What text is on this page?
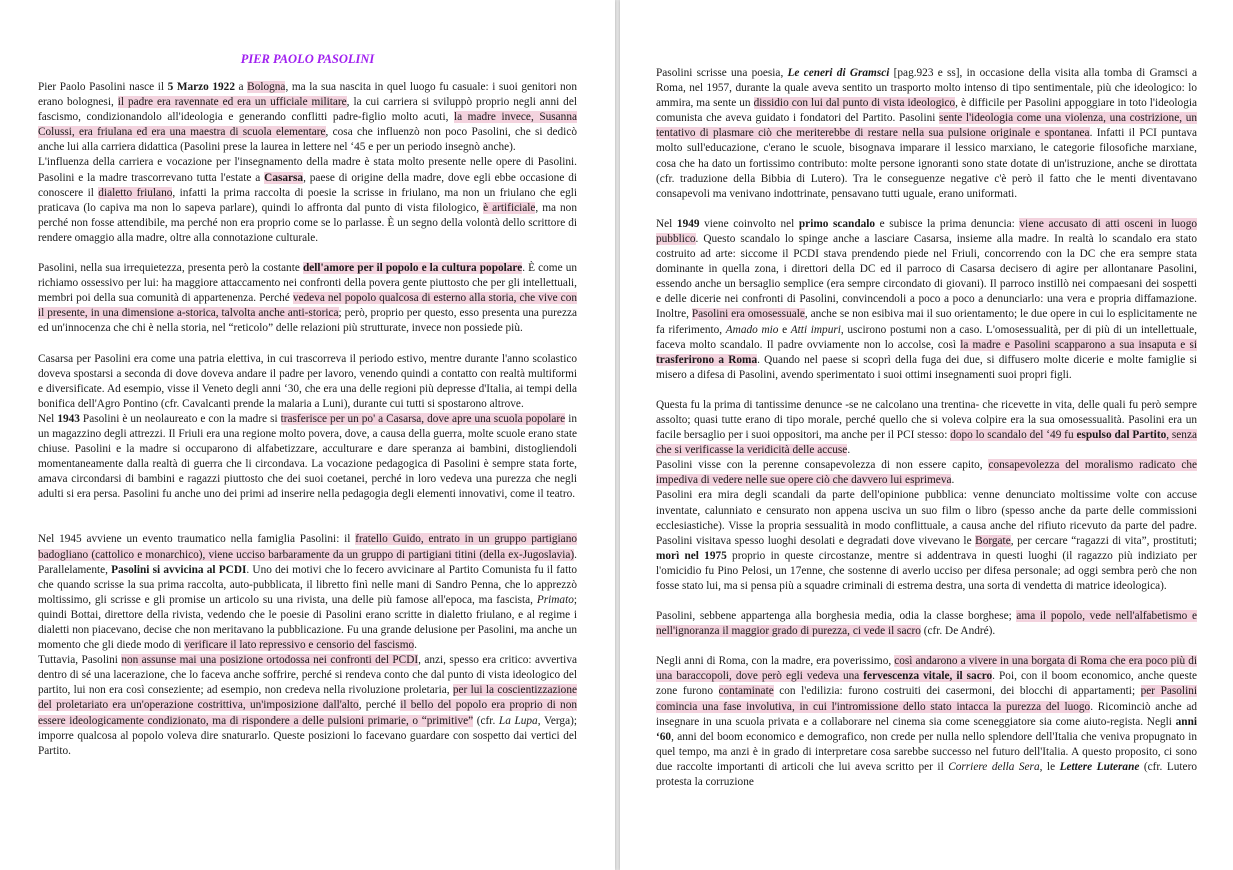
PIER PAOLO PASOLINI

Pier Paolo Pasolini nasce il 5 Marzo 1922 a Bologna, ma la sua nascita in quel luogo fu casuale: i suoi genitori non erano bolognesi, il padre era ravennate ed era un ufficiale militare, la cui carriera si sviluppò proprio negli anni del fascismo, condizionandolo all'ideologia e generando conflitti padre-figlio molto acuti, la madre invece, Susanna Colussi, era friulana ed era una maestra di scuola elementare, cosa che influenzò non poco Pasolini, che si dedicò anche lui alla carriera didattica (Pasolini prese la laurea in lettere nel ‘45 e per un periodo insegnò anche).

L'influenza della carriera e vocazione per l'insegnamento della madre è stata molto presente nelle opere di Pasolini. Pasolini e la madre trascorrevano tutta l'estate a Casarsa, paese di origine della madre, dove egli ebbe occasione di conoscere il dialetto friulano, infatti la prima raccolta di poesie la scrisse in friulano, ma non un friulano che egli praticava (lo capiva ma non lo sapeva parlare), quindi lo affronta dal punto di vista filologico, è artificiale, ma non perché non fosse attendibile, ma perché non era proprio come se lo parlasse. È un segno della volontà dello scrittore di rendere omaggio alla madre, oltre alla connotazione culturale.

Pasolini, nella sua irrequietezza, presenta però la costante dell'amore per il popolo e la cultura popolare. È come un richiamo ossessivo per lui: ha maggiore attaccamento nei confronti della povera gente piuttosto che per gli intellettuali, membri poi della sua comunità di appartenenza. Perché vedeva nel popolo qualcosa di esterno alla storia, che vive con il presente, in una dimensione a-storica, talvolta anche anti-storica; però, proprio per questo, esso presenta una purezza ed un'innocenza che chi è nella storia, nel “reticolo” delle relazioni più strutturate, invece non possiede più.

Casarsa per Pasolini era come una patria elettiva, in cui trascorreva il periodo estivo, mentre durante l'anno scolastico doveva spostarsi a seconda di dove doveva andare il padre per lavoro, venendo quindi a contatto con realtà multiformi e diversificate. Ad esempio, visse il Veneto degli anni ‘30, che era una delle regioni più depresse d'Italia, ai tempi della bonifica dell'Agro Pontino (cfr. Cavalcanti prende la malaria a Luni), durante cui tutti si spostarono altrove.

Nel 1943 Pasolini è un neolaureato e con la madre si trasferisce per un po' a Casarsa, dove apre una scuola popolare in un magazzino degli attrezzi. Il Friuli era una regione molto povera, dove, a causa della guerra, molte scuole erano state chiuse. Pasolini e la madre si occuparono di alfabetizzare, acculturare e dare speranza ai bambini, distogliendoli momentaneamente dalla realtà di guerra che li circondava. La vocazione pedagogica di Pasolini è sempre stata forte, amava circondarsi di bambini e ragazzi piuttosto che dei suoi coetanei, perché in loro vedeva una purezza che negli adulti si era persa. Pasolini fu anche uno dei primi ad inserire nella pedagogia degli elementi innovativi, come il teatro.

Nel 1945 avviene un evento traumatico nella famiglia Pasolini: il fratello Guido, entrato in un gruppo partigiano badogliano (cattolico e monarchico), viene ucciso barbaramente da un gruppo di partigiani titini (della ex-Jugoslavia). Parallelamente, Pasolini si avvicina al PCDI. Uno dei motivi che lo fecero avvicinare al Partito Comunista fu il fatto che quando scrisse la sua prima raccolta, auto-pubblicata, il libretto finì nelle mani di Sandro Penna, che lo apprezzò moltissimo, gli scrisse e gli promise un articolo su una rivista, una delle più famose all'epoca, ma fascista, Primato; quindi Bottai, direttore della rivista, vedendo che le poesie di Pasolini erano scritte in dialetto friulano, e al regime i dialetti non piacevano, decise che non meritavano la pubblicazione. Fu una grande delusione per Pasolini, ma anche un momento che gli diede modo di verificare il lato repressivo e censorio del fascismo.

Tuttavia, Pasolini non assunse mai una posizione ortodossa nei confronti del PCDI, anzi, spesso era critico: avvertiva dentro di sé una lacerazione, che lo faceva anche soffrire, perché si rendeva conto che dal punto di vista ideologico del partito, lui non era così conseziente; ad esempio, non credeva nella rivoluzione proletaria, per lui la coscientizzazione del proletariato era un'operazione costrittiva, un'imposizione dall'alto, perché il bello del popolo era proprio di non essere ideologicamente condizionato, ma di rispondere a delle pulsioni primarie, o “primitive” (cfr. La Lupa, Verga); imporre qualcosa al popolo voleva dire snaturarlo. Queste posizioni lo facevano guardare con sospetto dai vertici del Partito.

Pasolini scrisse una poesia, Le ceneri di Gramsci [pag.923 e ss], in occasione della visita alla tomba di Gramsci a Roma, nel 1957, durante la quale aveva sentito un trasporto molto intenso di tipo sentimentale, più che ideologico: lo ammira, ma sente un dissidio con lui dal punto di vista ideologico, è difficile per Pasolini appoggiare in toto l'ideologia comunista che aveva guidato i fondatori del Partito. Pasolini sente l'ideologia come una violenza, una costrizione, un tentativo di plasmare ciò che meriterebbe di restare nella sua pulsione originale e spontanea. Infatti il PCI puntava molto sull'educazione, c'erano le scuole, bisognava imparare il lessico marxiano, le categorie filosofiche marxiane, cosa che ha dato un fortissimo contributo: molte persone ignoranti sono state dotate di un'istruzione, anche se dirottata (cfr. traduzione della Bibbia di Lutero). Tra le conseguenze negative c'è però il fatto che le menti diventavano consapevoli ma venivano indottrinate, pensavano tutti uguale, erano uniformati.

Nel 1949 viene coinvolto nel primo scandalo e subisce la prima denuncia: viene accusato di atti osceni in luogo pubblico. Questo scandalo lo spinge anche a lasciare Casarsa, insieme alla madre. In realtà lo scandalo era stato costruito ad arte: siccome il PCDI stava prendendo piede nel Friuli, concorrendo con la DC che era sempre stata dominante in quella zona, i direttori della DC ed il parroco di Casarsa decisero di agire per allontanare Pasolini, essendo anche un bersaglio semplice (era sempre circondato di giovani). Il parroco instillò nei compaesani dei sospetti e delle dicerie nei confronti di Pasolini, convincendoli a poco a poco a denunciarlo: una vera e propria diffamazione. Inoltre, Pasolini era omosessuale, anche se non esibiva mai il suo orientamento; le due opere in cui lo esplicitamente ne fa riferimento, Amado mio e Atti impuri, uscirono postumi non a caso. L'omosessualità, per di più di un intellettuale, faceva molto scandalo. Il padre ovviamente non lo accolse, così la madre e Pasolini scapparono a sua insaputa e si trasferirono a Roma. Quando nel paese si scoprì della fuga dei due, si diffusero molte dicerie e molte famiglie si misero a difesa di Pasolini, avendo sperimentato i suoi ottimi insegnamenti suoi propri figli.

Questa fu la prima di tantissime denunce -se ne calcolano una trentina- che ricevette in vita, delle quali fu però sempre assolto; quasi tutte erano di tipo morale, perché quello che si voleva colpire era la sua omosessualità. Pasolini era un facile bersaglio per i suoi oppositori, ma anche per il PCI stesso: dopo lo scandalo del ‘49 fu espulso dal Partito, senza che si verificasse la veridicità delle accuse.

Pasolini visse con la perenne consapevolezza di non essere capito, consapevolezza del moralismo radicato che impediva di vedere nelle sue opere ciò che davvero lui esprimeva.

Pasolini era mira degli scandali da parte dell'opinione pubblica: venne denunciato moltissime volte con accuse inventate, calunniato e censurato non appena usciva un suo film o libro (spesso anche da parte delle commissioni ecclesiastiche). Visse la propria sessualità in modo conflittuale, a causa anche del rifiuto ricevuto da parte del padre. Pasolini visitava spesso luoghi desolati e degradati dove vivevano le Borgate, per cercare “ragazzi di vita”, prostituti; morì nel 1975 proprio in queste circostanze, mentre si addentrava in questi luoghi (il ragazzo più indiziato per l'omicidio fu Pino Pelosi, un 17enne, che sostenne di averlo ucciso per difesa personale; ad oggi sembra però che non fosse stato lui, ma si pensa più a squadre criminali di estrema destra, una sorta di vendetta di matrice ideologica).

Pasolini, sebbene appartenga alla borghesia media, odia la classe borghese; ama il popolo, vede nell'alfabetismo e nell'ignoranza il maggior grado di purezza, ci vede il sacro (cfr. De André).

Negli anni di Roma, con la madre, era poverissimo, così andarono a vivere in una borgata di Roma che era poco più di una baraccopoli, dove però egli vedeva una fervescenza vitale, il sacro. Poi, con il boom economico, anche queste zone furono contaminate con l'edilizia: furono costruiti dei casermoni, dei blocchi di appartamenti; per Pasolini comincia una fase involutiva, in cui l'intromissione dello stato intacca la purezza del luogo. Ricominciò anche ad insegnare in una scuola privata e a collaborare nel cinema sia come sceneggiatore sia come aiuto-regista. Negli anni ‘60, anni del boom economico e demografico, non crede per nulla nello splendore dell'Italia che veniva propugnato in quel tempo, ma anzi è in grado di interpretare cosa sarebbe successo nel futuro dell'Italia. A questo proposito, ci sono due raccolte importanti di articoli che lui aveva scritto per il Corriere della Sera, le Lettere Luterane (cfr. Lutero protesta la corruzione
